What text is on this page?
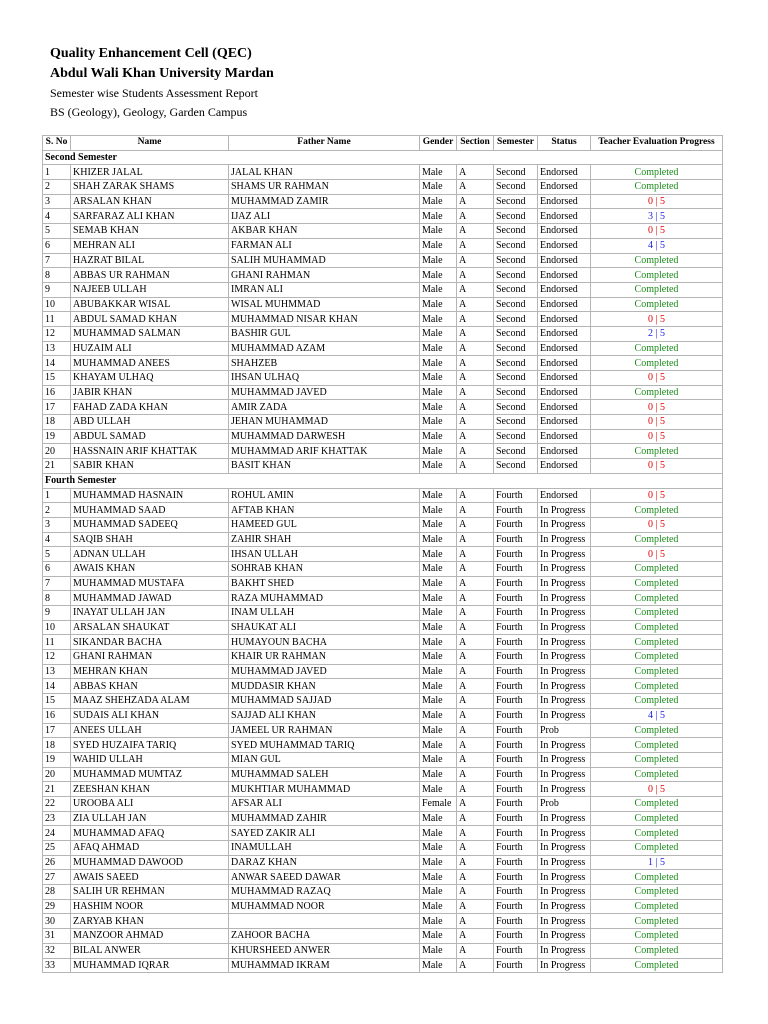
Quality Enhancement Cell (QEC)
Abdul Wali Khan University Mardan
Semester wise Students Assessment Report
BS (Geology), Geology, Garden Campus
S. No	Name	Father Name	Gender	Section	Semester	Status	Teacher Evaluation Progress
Second Semester							
1	KHIZER JALAL	JALAL KHAN	Male	A	Second	Endorsed	Completed
2	SHAH ZARAK SHAMS	SHAMS UR RAHMAN	Male	A	Second	Endorsed	Completed
3	ARSALAN KHAN	MUHAMMAD ZAMIR	Male	A	Second	Endorsed	0 | 5
4	SARFARAZ ALI KHAN	IJAZ ALI	Male	A	Second	Endorsed	3 | 5
5	SEMAB KHAN	AKBAR KHAN	Male	A	Second	Endorsed	0 | 5
6	MEHRAN ALI	FARMAN ALI	Male	A	Second	Endorsed	4 | 5
7	HAZRAT BILAL	SALIH MUHAMMAD	Male	A	Second	Endorsed	Completed
8	ABBAS UR RAHMAN	GHANI RAHMAN	Male	A	Second	Endorsed	Completed
9	NAJEEB ULLAH	IMRAN ALI	Male	A	Second	Endorsed	Completed
10	ABUBAKKAR WISAL	WISAL MUHMMAD	Male	A	Second	Endorsed	Completed
11	ABDUL SAMAD KHAN	MUHAMMAD NISAR KHAN	Male	A	Second	Endorsed	0 | 5
12	MUHAMMAD SALMAN	BASHIR GUL	Male	A	Second	Endorsed	2 | 5
13	HUZAIM ALI	MUHAMMAD AZAM	Male	A	Second	Endorsed	Completed
14	MUHAMMAD ANEES	SHAHZEB	Male	A	Second	Endorsed	Completed
15	KHAYAM ULHAQ	IHSAN ULHAQ	Male	A	Second	Endorsed	0 | 5
16	JABIR KHAN	MUHAMMAD JAVED	Male	A	Second	Endorsed	Completed
17	FAHAD ZADA KHAN	AMIR ZADA	Male	A	Second	Endorsed	0 | 5
18	ABD ULLAH	JEHAN MUHAMMAD	Male	A	Second	Endorsed	0 | 5
19	ABDUL SAMAD	MUHAMMAD DARWESH	Male	A	Second	Endorsed	0 | 5
20	HASSNAIN ARIF KHATTAK	MUHAMMAD ARIF KHATTAK	Male	A	Second	Endorsed	Completed
21	SABIR KHAN	BASIT KHAN	Male	A	Second	Endorsed	0 | 5
Fourth Semester							
1	MUHAMMAD HASNAIN	ROHUL AMIN	Male	A	Fourth	Endorsed	0 | 5
2	MUHAMMAD SAAD	AFTAB KHAN	Male	A	Fourth	In Progress	Completed
3	MUHAMMAD SADEEQ	HAMEED GUL	Male	A	Fourth	In Progress	0 | 5
4	SAQIB SHAH	ZAHIR SHAH	Male	A	Fourth	In Progress	Completed
5	ADNAN ULLAH	IHSAN ULLAH	Male	A	Fourth	In Progress	0 | 5
6	AWAIS KHAN	SOHRAB KHAN	Male	A	Fourth	In Progress	Completed
7	MUHAMMAD MUSTAFA	BAKHT SHED	Male	A	Fourth	In Progress	Completed
8	MUHAMMAD JAWAD	RAZA MUHAMMAD	Male	A	Fourth	In Progress	Completed
9	INAYAT ULLAH JAN	INAM ULLAH	Male	A	Fourth	In Progress	Completed
10	ARSALAN SHAUKAT	SHAUKAT ALI	Male	A	Fourth	In Progress	Completed
11	SIKANDAR BACHA	HUMAYOUN BACHA	Male	A	Fourth	In Progress	Completed
12	GHANI RAHMAN	KHAIR UR RAHMAN	Male	A	Fourth	In Progress	Completed
13	MEHRAN KHAN	MUHAMMAD JAVED	Male	A	Fourth	In Progress	Completed
14	ABBAS KHAN	MUDDASIR KHAN	Male	A	Fourth	In Progress	Completed
15	MAAZ SHEHZADA ALAM	MUHAMMAD SAJJAD	Male	A	Fourth	In Progress	Completed
16	SUDAIS ALI KHAN	SAJJAD ALI KHAN	Male	A	Fourth	In Progress	4 | 5
17	ANEES ULLAH	JAMEEL UR RAHMAN	Male	A	Fourth	Prob	Completed
18	SYED HUZAIFA TARIQ	SYED MUHAMMAD TARIQ	Male	A	Fourth	In Progress	Completed
19	WAHID ULLAH	MIAN GUL	Male	A	Fourth	In Progress	Completed
20	MUHAMMAD MUMTAZ	MUHAMMAD SALEH	Male	A	Fourth	In Progress	Completed
21	ZEESHAN KHAN	MUKHTIAR MUHAMMAD	Male	A	Fourth	In Progress	0 | 5
22	UROOBA ALI	AFSAR ALI	Female	A	Fourth	Prob	Completed
23	ZIA ULLAH JAN	MUHAMMAD ZAHIR	Male	A	Fourth	In Progress	Completed
24	MUHAMMAD AFAQ	SAYED ZAKIR ALI	Male	A	Fourth	In Progress	Completed
25	AFAQ AHMAD	INAMULLAH	Male	A	Fourth	In Progress	Completed
26	MUHAMMAD DAWOOD	DARAZ KHAN	Male	A	Fourth	In Progress	1 | 5
27	AWAIS SAEED	ANWAR SAEED DAWAR	Male	A	Fourth	In Progress	Completed
28	SALIH UR REHMAN	MUHAMMAD RAZAQ	Male	A	Fourth	In Progress	Completed
29	HASHIM NOOR	MUHAMMAD NOOR	Male	A	Fourth	In Progress	Completed
30	ZARYAB KHAN		Male	A	Fourth	In Progress	Completed
31	MANZOOR AHMAD	ZAHOOR BACHA	Male	A	Fourth	In Progress	Completed
32	BILAL ANWER	KHURSHEED ANWER	Male	A	Fourth	In Progress	Completed
33	MUHAMMAD IQRAR	MUHAMMAD IKRAM	Male	A	Fourth	In Progress	Completed
